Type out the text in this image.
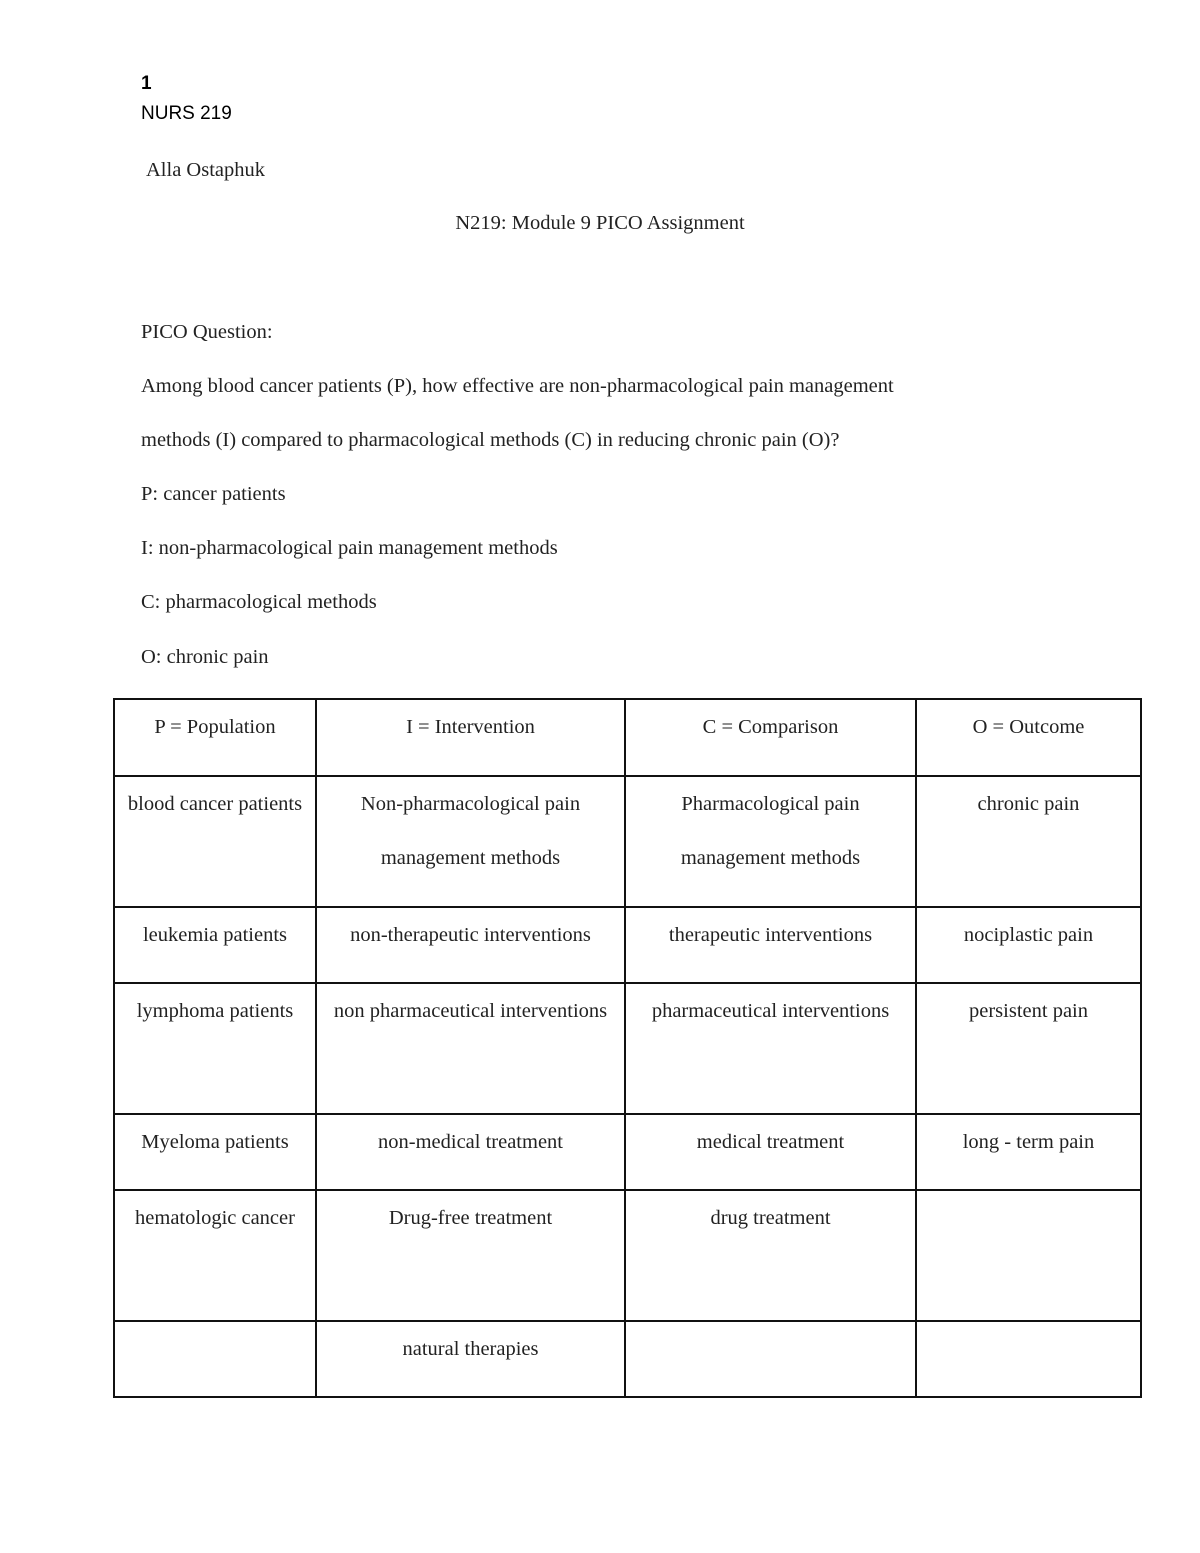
1
NURS 219
Alla Ostaphuk
N219: Module 9 PICO Assignment
PICO Question:
Among blood cancer patients (P), how effective are non-pharmacological pain management
methods (I) compared to pharmacological methods (C) in reducing chronic pain (O)?
P: cancer patients
I: non-pharmacological pain management methods
C: pharmacological methods
O: chronic pain
P = Population	I = Intervention	C = Comparison	O = Outcome

blood cancer patients	Non-pharmacological pain management methods	Pharmacological pain management methods	chronic pain

leukemia patients	non-therapeutic interventions	therapeutic interventions	nociplastic pain

lymphoma patients	non pharmaceutical interventions	pharmaceutical interventions	persistent pain

Myeloma patients	non-medical treatment	medical treatment	long - term pain

hematologic cancer	Drug-free treatment	drug treatment	

	natural therapies		
